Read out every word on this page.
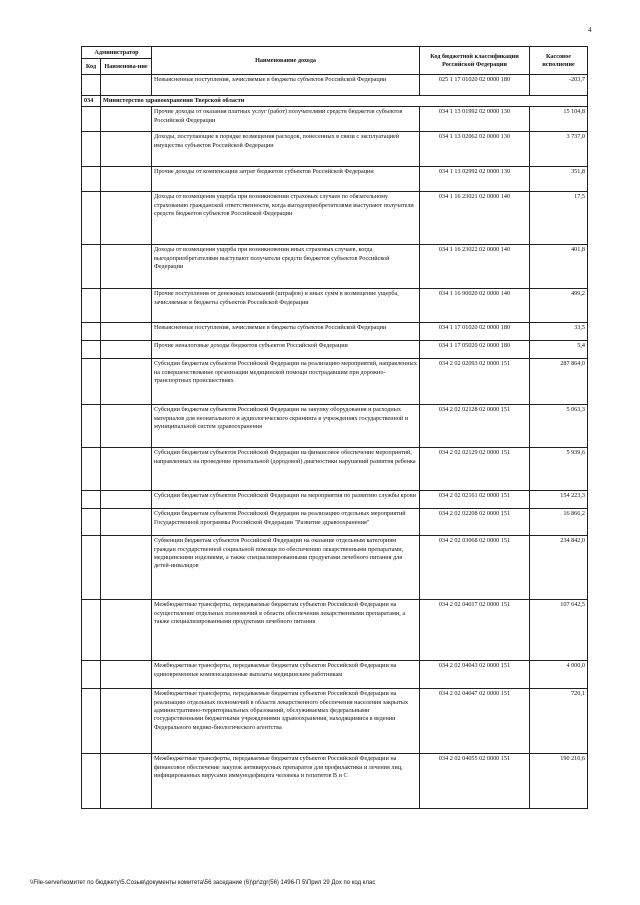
4
Администратор		Наименование дохода	Код бюджетной классификации Российской Федерации	Кассовое исполнение
Код	Наименова-ние			
		Невыясненные поступления, зачисляемые в бюджеты субъектов Российской Федерации	025 1 17 01020 02 0000 180	-203,7
034	Министерство здравоохранения Тверской области			
		Прочие доходы от оказания платных услуг (работ) получателями средств бюджетов субъектов Российской Федерации	034 1 13 01992 02 0000 130	15 104,8
		Доходы, поступающие в порядке возмещения расходов, понесенных в связи с эксплуатацией имущества субъектов Российской Федерации	034 1 13 02062 02 0000 130	3 737,0
		Прочие доходы от компенсации затрат бюджетов субъектов Российской Федерации	034 1 13 02992 02 0000 130	351,8
		Доходы от возмещения ущерба при возникновении страховых случаев по обязательному страхованию гражданской ответственности, когда выгодоприобретателями выступают получатели средств бюджетов субъектов Российской Федерации	034 1 16 23021 02 0000 140	17,5
		Доходы от возмещения ущерба при возникновении иных страховых случаев, когда выгодоприобретателями выступают получатели средств бюджетов субъектов Российской Федерации	034 1 16 23022 02 0000 140	401,8
		Прочие поступления от денежных взысканий (штрафов) и иных сумм в возмещение ущерба, зачисляемые в бюджеты субъектов Российской Федерации	034 1 16 90020 02 0000 140	499,2
		Невыясненные поступления, зачисляемые в бюджеты субъектов Российской Федерации	034 1 17 01020 02 0000 180	33,5
		Прочие неналоговые доходы бюджетов субъектов Российской Федерации	034 1 17 05020 02 0000 180	5,4
		Субсидии бюджетам субъектов Российской Федерации на реализацию мероприятий, направленных на совершенствование организации медицинской помощи пострадавшим при дорожно-транспортных происшествиях	034 2 02 02093 02 0000 151	287 864,0
		Субсидии бюджетам субъектов Российской Федерации на закупку оборудования и расходных материалов для неонатального и аудиологического скрининга в учреждениях государственной и муниципальной систем здравоохранения	034 2 02 02128 02 0000 151	5 063,3
		Субсидии бюджетам субъектов Российской Федерации на финансовое обеспечение мероприятий, направленных на проведение пренатальной (дородовой) диагностики нарушений развития ребенка	034 2 02 02129 02 0000 151	5 939,6
		Субсидии бюджетам субъектов Российской Федерации на мероприятия по развитию службы крови	034 2 02 02161 02 0000 151	154 223,3
		Субсидии бюджетам субъектов Российской Федерации на реализацию отдельных мероприятий Государственной программы Российской Федерации "Развитие здравоохранения"	034 2 02 02208 02 0000 151	16 866,2
		Субвенции бюджетам субъектов Российской Федерации на оказание отдельным категориям граждан государственной социальной помощи по обеспечению лекарственными препаратами, медицинскими изделиями, а также специализированными продуктами лечебного питания для детей-инвалидов	034 2 02 03068 02 0000 151	234 842,0
		Межбюджетные трансферты, передаваемые бюджетам субъектов Российской Федерации на осуществление отдельных полномочий в области обеспечения лекарственными препаратами, а также специализированными продуктами лечебного питания	034 2 02 04017 02 0000 151	107 642,5
		Межбюджетные трансферты, передаваемые бюджетам субъектов Российской Федерации на единовременные компенсационные выплаты медицинским работникам	034 2 02 04043 02 0000 151	4 000,0
		Межбюджетные трансферты, передаваемые бюджетам субъектов Российской Федерации на реализацию отдельных полномочий в области лекарственного обеспечения населения закрытых административно-территориальных образований, обслуживаемых федеральными государственными бюджетными учреждениями здравоохранения, находящимися в ведении Федерального медико-биологического агентства	034 2 02 04047 02 0000 151	720,1
		Межбюджетные трансферты, передаваемые бюджетам субъектов Российской Федерации на финансовое обеспечение закупок антивирусных препаратов для профилактики и лечения лиц, инфицированных вирусами иммунодефицита человека и гепатитов В и С	034 2 02 04055 02 0000 151	190 210,6
\\File-server\комитет по бюджету\5.Созыв\документы комитета\56 заседание (6)\pr\zgr(56) 1496-П 5\Прил 29 Дох по код клас
